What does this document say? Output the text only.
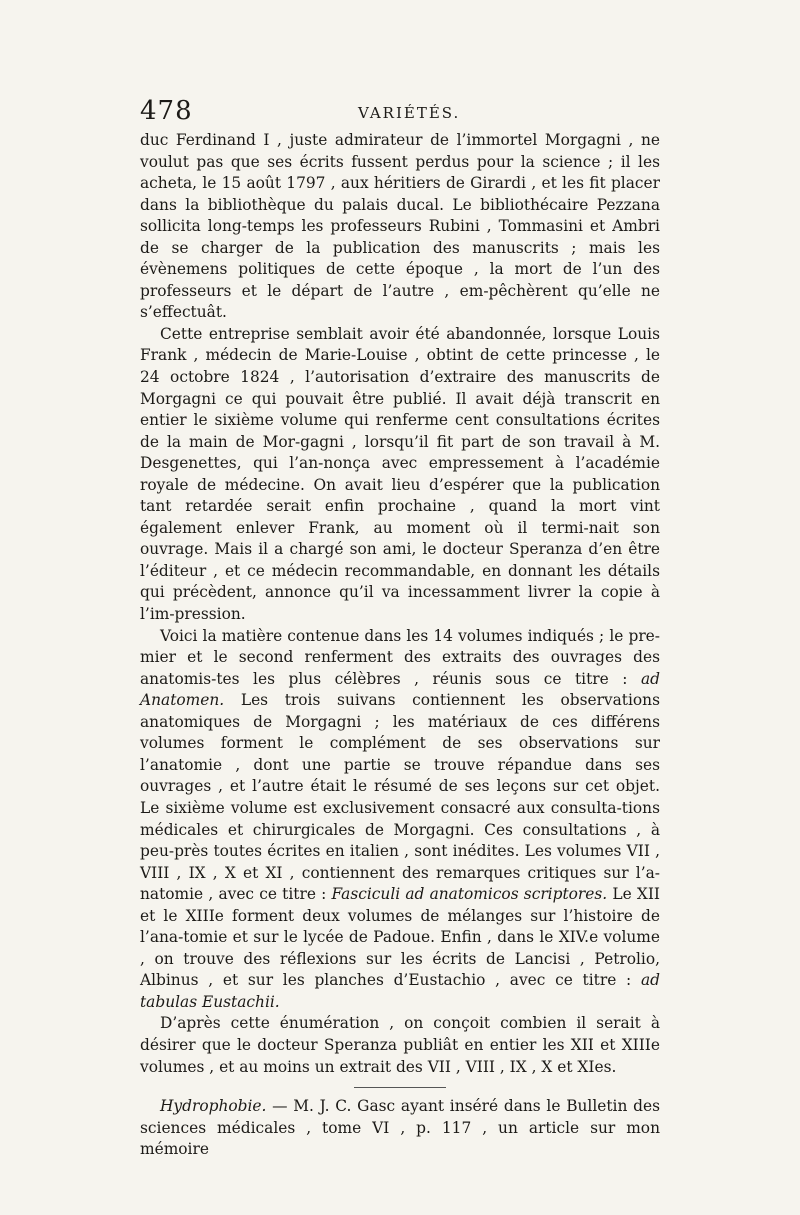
478	VARIÉTÉS.

duc Ferdinand I , juste admirateur de l’immortel Morgagni , ne voulut pas que ses écrits fussent perdus pour la science ; il les acheta, le 15 août 1797 , aux héritiers de Girardi , et les fit placer dans la bibliothèque du palais ducal. Le bibliothécaire Pezzana sollicita long-temps les professeurs Rubini , Tommasini et Ambri de se charger de la publication des manuscrits ; mais les évènemens politiques de cette époque , la mort de l’un des professeurs et le départ de l’autre , em-pêchèrent qu’elle ne s’effectuât.

Cette entreprise semblait avoir été abandonnée, lorsque Louis Frank , médecin de Marie-Louise , obtint de cette princesse , le 24 octobre 1824 , l’autorisation d’extraire des manuscrits de Morgagni ce qui pouvait être publié. Il avait déjà transcrit en entier le sixième volume qui renferme cent consultations écrites de la main de Mor-gagni , lorsqu’il fit part de son travail à M. Desgenettes, qui l’an-nonça avec empressement à l’académie royale de médecine. On avait lieu d’espérer que la publication tant retardée serait enfin prochaine , quand la mort vint également enlever Frank, au moment où il termi-nait son ouvrage. Mais il a chargé son ami, le docteur Speranza d’en être l’éditeur , et ce médecin recommandable, en donnant les détails qui précèdent, annonce qu’il va incessamment livrer la copie à l’im-pression.

Voici la matière contenue dans les 14 volumes indiqués ; le pre-mier et le second renferment des extraits des ouvrages des anatomis-tes les plus célèbres , réunis sous ce titre : ad Anatomen. Les trois suivans contiennent les observations anatomiques de Morgagni ; les matériaux de ces différens volumes forment le complément de ses observations sur l’anatomie , dont une partie se trouve répandue dans ses ouvrages , et l’autre était le résumé de ses leçons sur cet objet. Le sixième volume est exclusivement consacré aux consulta-tions médicales et chirurgicales de Morgagni. Ces consultations , à peu-près toutes écrites en italien , sont inédites. Les volumes VII , VIII , IX , X et XI , contiennent des remarques critiques sur l’a-natomie , avec ce titre : Fasciculi ad anatomicos scriptores. Le XII et le XIIIe forment deux volumes de mélanges sur l’histoire de l’ana-tomie et sur le lycée de Padoue. Enfin , dans le XIV.e volume , on trouve des réflexions sur les écrits de Lancisi , Petrolio, Albinus , et sur les planches d’Eustachio , avec ce titre : ad tabulas Eustachii.

D’après cette énumération , on conçoit combien il serait à désirer que le docteur Speranza publiât en entier les XII et XIIIe volumes , et au moins un extrait des VII , VIII , IX , X et XIes.

Hydrophobie. — M. J. C. Gasc ayant inséré dans le Bulletin des sciences médicales , tome VI , p. 117 , un article sur mon mémoire
